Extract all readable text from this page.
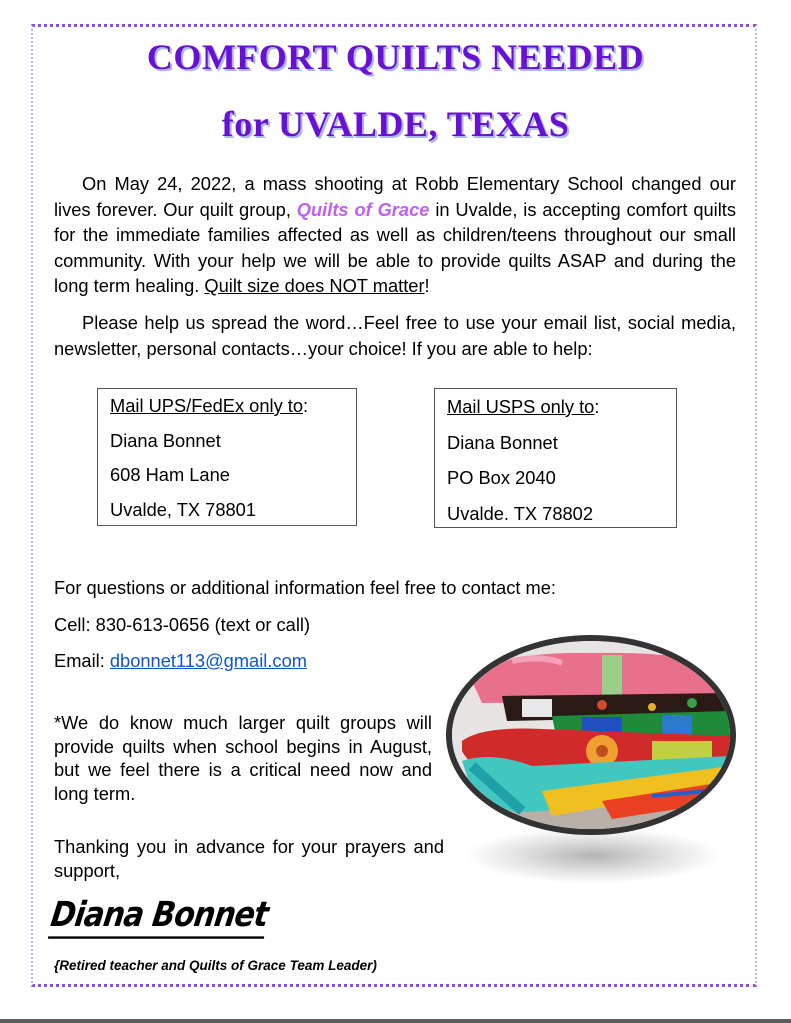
COMFORT QUILTS NEEDED
for UVALDE, TEXAS
On May 24, 2022, a mass shooting at Robb Elementary School changed our lives forever. Our quilt group, Quilts of Grace in Uvalde, is accepting comfort quilts for the immediate families affected as well as children/teens throughout our small community. With your help we will be able to provide quilts ASAP and during the long term healing. Quilt size does NOT matter!
Please help us spread the word…Feel free to use your email list, social media, newsletter, personal contacts…your choice! If you are able to help:
Mail UPS/FedEx only to:
Diana Bonnet
608 Ham Lane
Uvalde, TX 78801
Mail USPS only to:
Diana Bonnet
PO Box 2040
Uvalde. TX 78802
For questions or additional information feel free to contact me:
Cell: 830-613-0656 (text or call)
Email: dbonnet113@gmail.com
*We do know much larger quilt groups will provide quilts when school begins in August, but we feel there is a critical need now and long term.
Thanking you in advance for your prayers and support,
Diana Bonnet
{Retired teacher and Quilts of Grace Team Leader)
